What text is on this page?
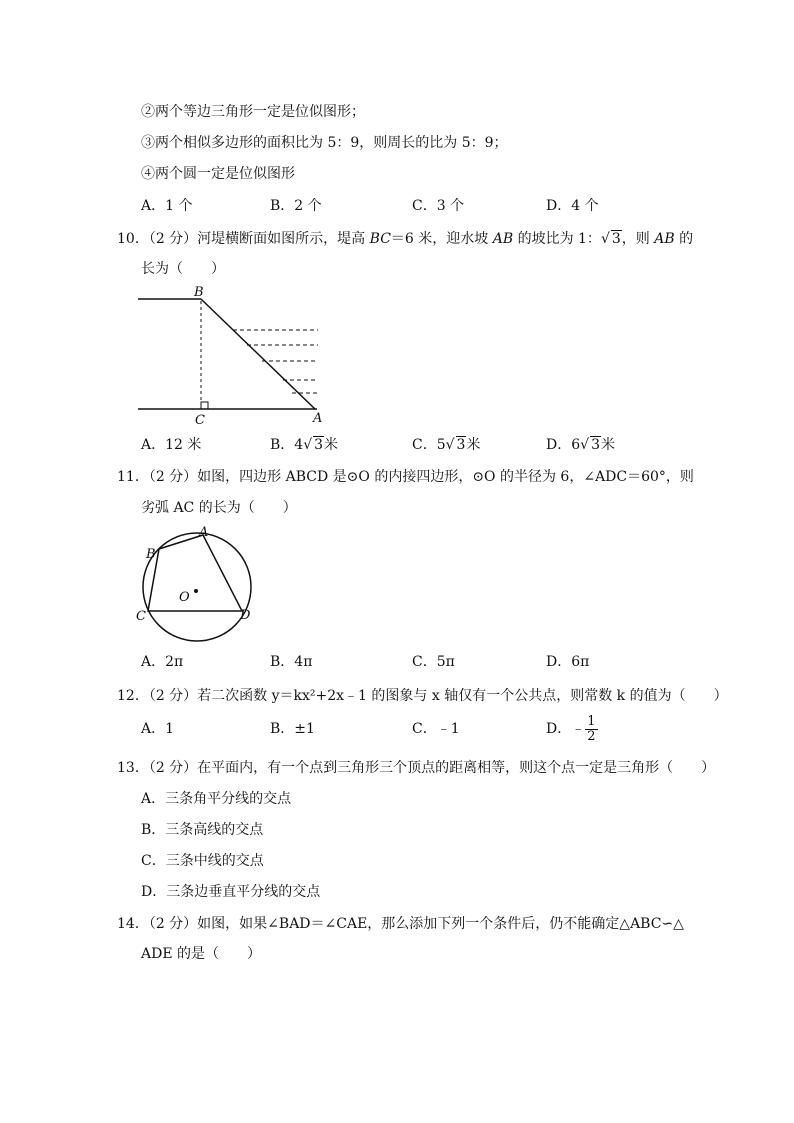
②两个等边三角形一定是位似图形；
③两个相似多边形的面积比为 5：9，则周长的比为 5：9；
④两个圆一定是位似图形
A．1 个	B．2 个	C．3 个	D．4 个
10．（2 分）河堤横断面如图所示，堤高 BC＝6 米，迎水坡 AB 的坡比为 1：√ 3，则 AB 的
长为（　　）
B
C	A
A．12 米	B．4√ 3米	C．5√ 3米	D．6√ 3米
11．（2 分）如图，四边形 ABCD 是⊙O 的内接四边形，⊙O 的半径为 6，∠ADC＝60°，则
劣弧 AC 的长为（　　）
A
B
C	D
O
A．2π	B．4π	C．5π	D．6π
12．（2 分）若二次函数 y＝kx²+2x﹣1 的图象与 x 轴仅有一个公共点，则常数 k 的值为（　　）
A．1	B．±1	C．﹣1	D．﹣ $\frac{1}{2}$
13．（2 分）在平面内，有一个点到三角形三个顶点的距离相等，则这个点一定是三角形（　　）
A．三条角平分线的交点
B．三条高线的交点
C．三条中线的交点
D．三条边垂直平分线的交点
14．（2 分）如图，如果∠BAD＝∠CAE，那么添加下列一个条件后，仍不能确定△ABC∽△
ADE 的是（　　）
